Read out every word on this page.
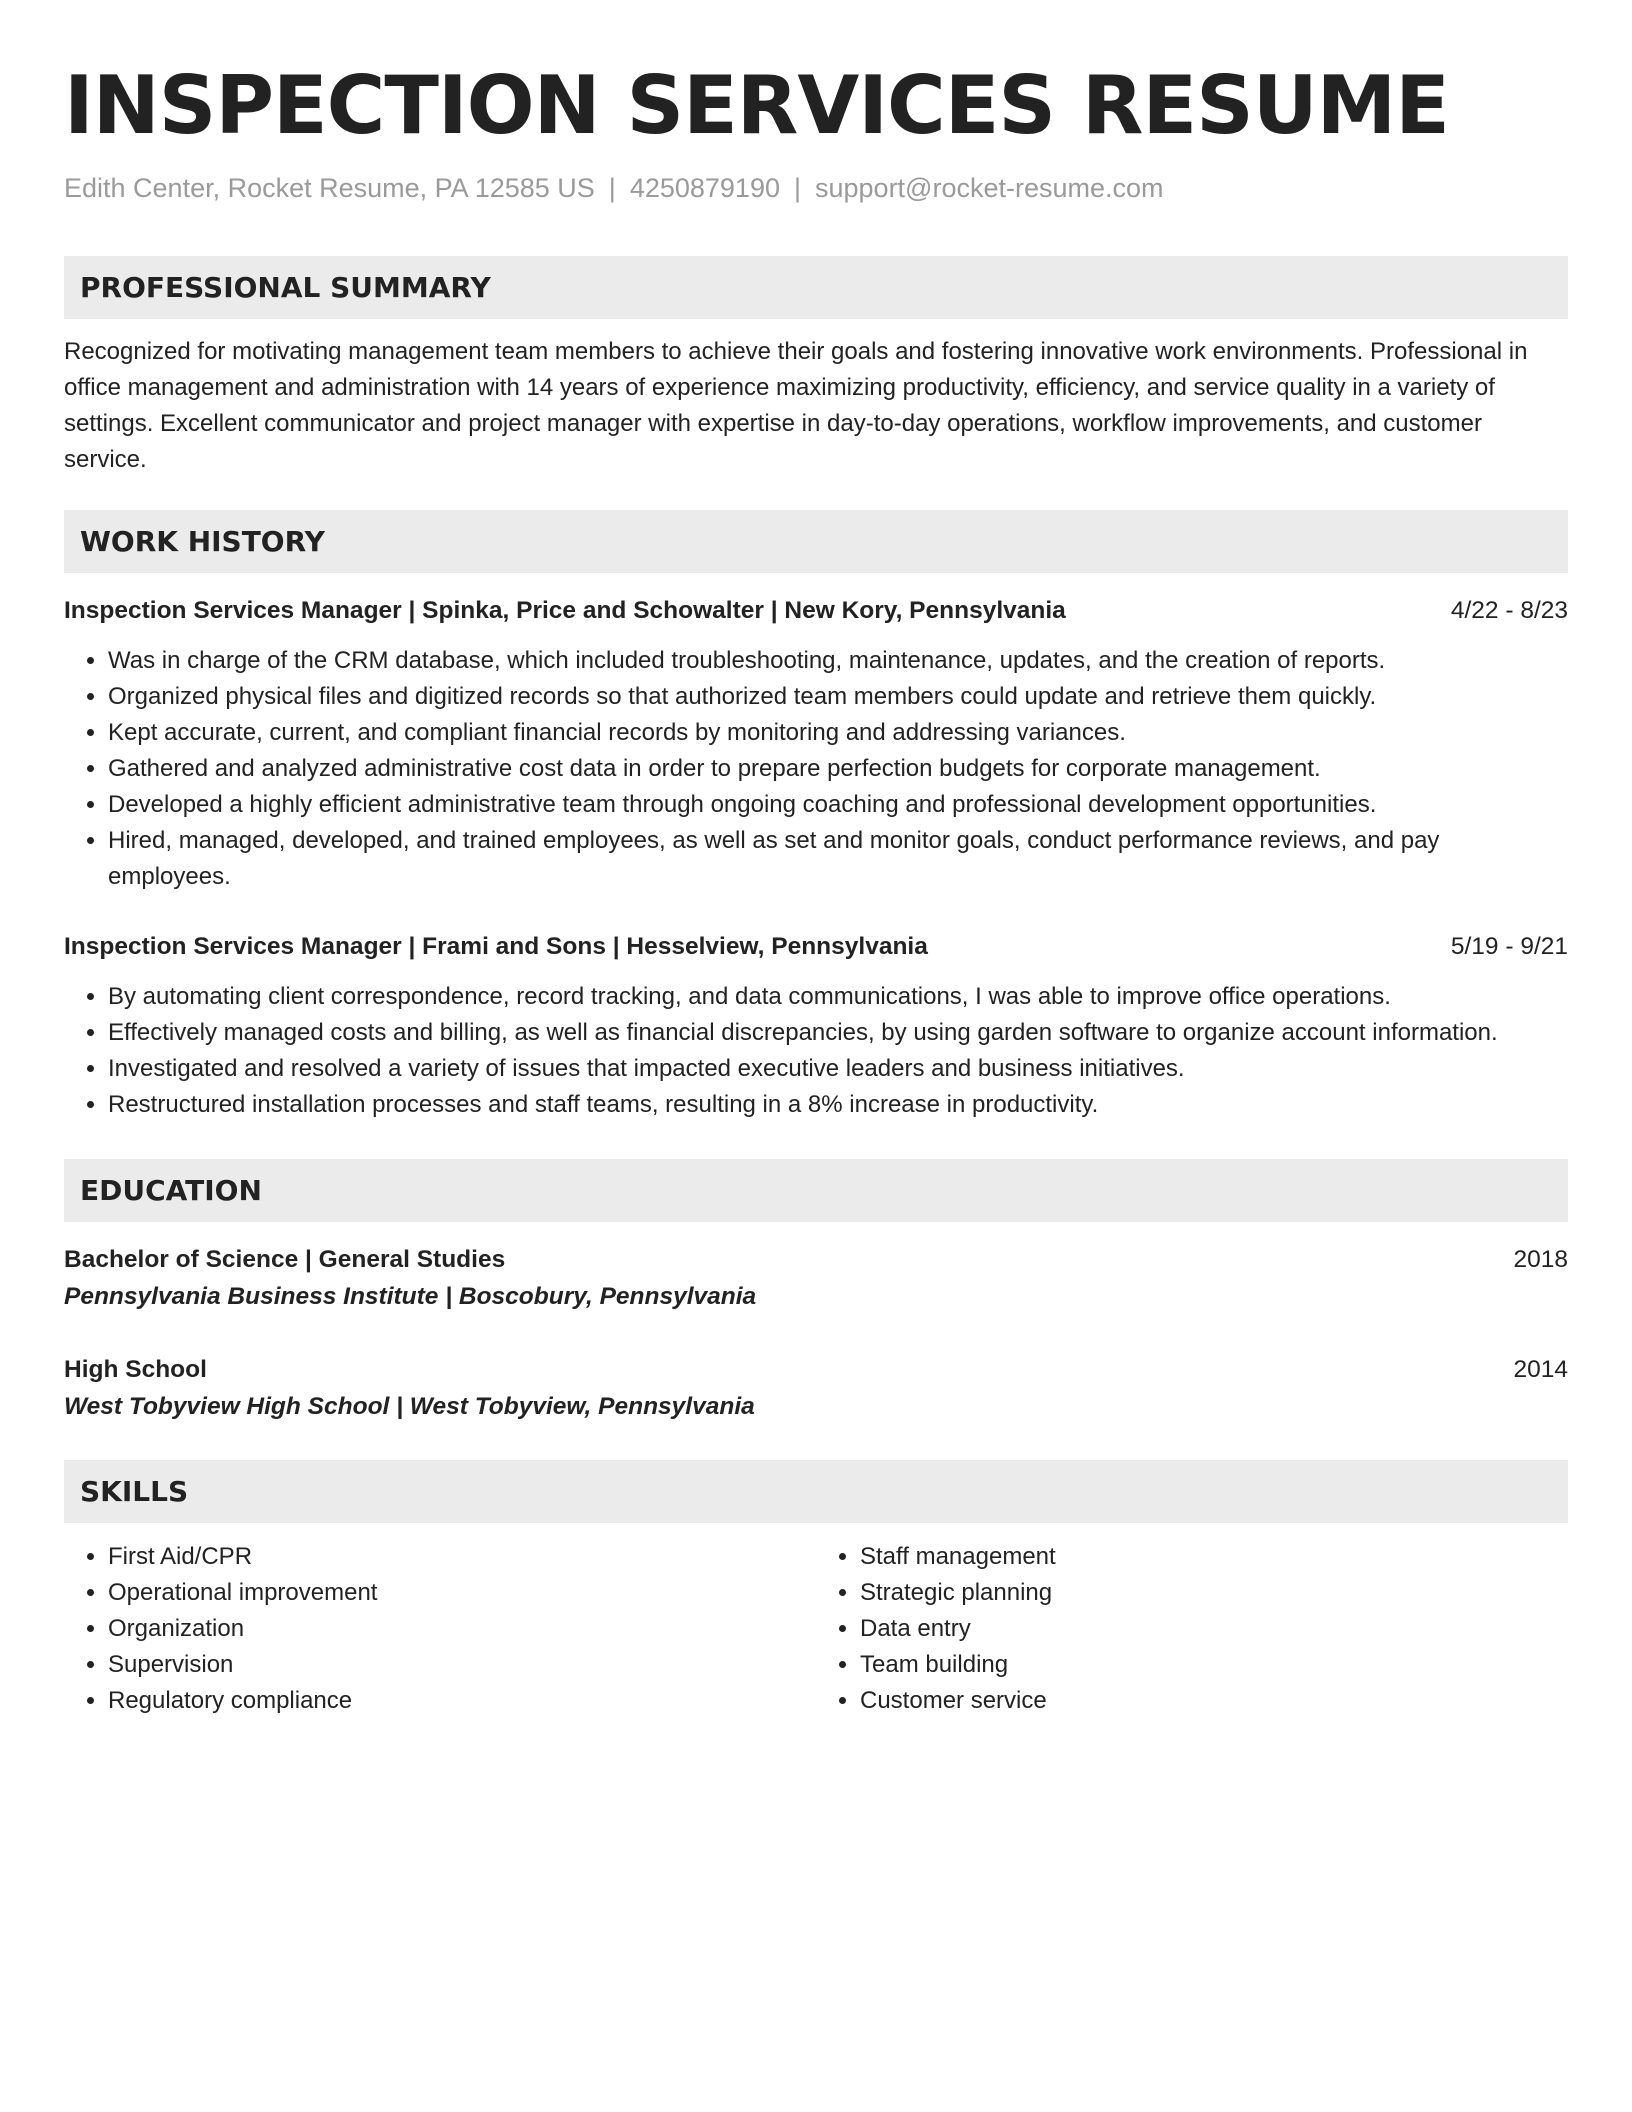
INSPECTION SERVICES RESUME
Edith Center, Rocket Resume, PA 12585 US | 4250879190 | support@rocket-resume.com
PROFESSIONAL SUMMARY

Recognized for motivating management team members to achieve their goals and fostering innovative work environments. Professional in office management and administration with 14 years of experience maximizing productivity, efficiency, and service quality in a variety of settings. Excellent communicator and project manager with expertise in day-to-day operations, workflow improvements, and customer service.

WORK HISTORY
Inspection Services Manager | Spinka, Price and Schowalter | New Kory, Pennsylvania	4/22 - 8/23
• Was in charge of the CRM database, which included troubleshooting, maintenance, updates, and the creation of reports.
• Organized physical files and digitized records so that authorized team members could update and retrieve them quickly.
• Kept accurate, current, and compliant financial records by monitoring and addressing variances.
• Gathered and analyzed administrative cost data in order to prepare perfection budgets for corporate management.
• Developed a highly efficient administrative team through ongoing coaching and professional development opportunities.
• Hired, managed, developed, and trained employees, as well as set and monitor goals, conduct performance reviews, and pay employees.
Inspection Services Manager | Frami and Sons | Hesselview, Pennsylvania	5/19 - 9/21
• By automating client correspondence, record tracking, and data communications, I was able to improve office operations.
• Effectively managed costs and billing, as well as financial discrepancies, by using garden software to organize account information.
• Investigated and resolved a variety of issues that impacted executive leaders and business initiatives.
• Restructured installation processes and staff teams, resulting in a 8% increase in productivity.
EDUCATION
Bachelor of Science | General Studies	2018
Pennsylvania Business Institute | Boscobury, Pennsylvania
High School	2014
West Tobyview High School | West Tobyview, Pennsylvania
SKILLS
• First Aid/CPR
• Operational improvement
• Organization
• Supervision
• Regulatory compliance
• Staff management
• Strategic planning
• Data entry
• Team building
• Customer service
